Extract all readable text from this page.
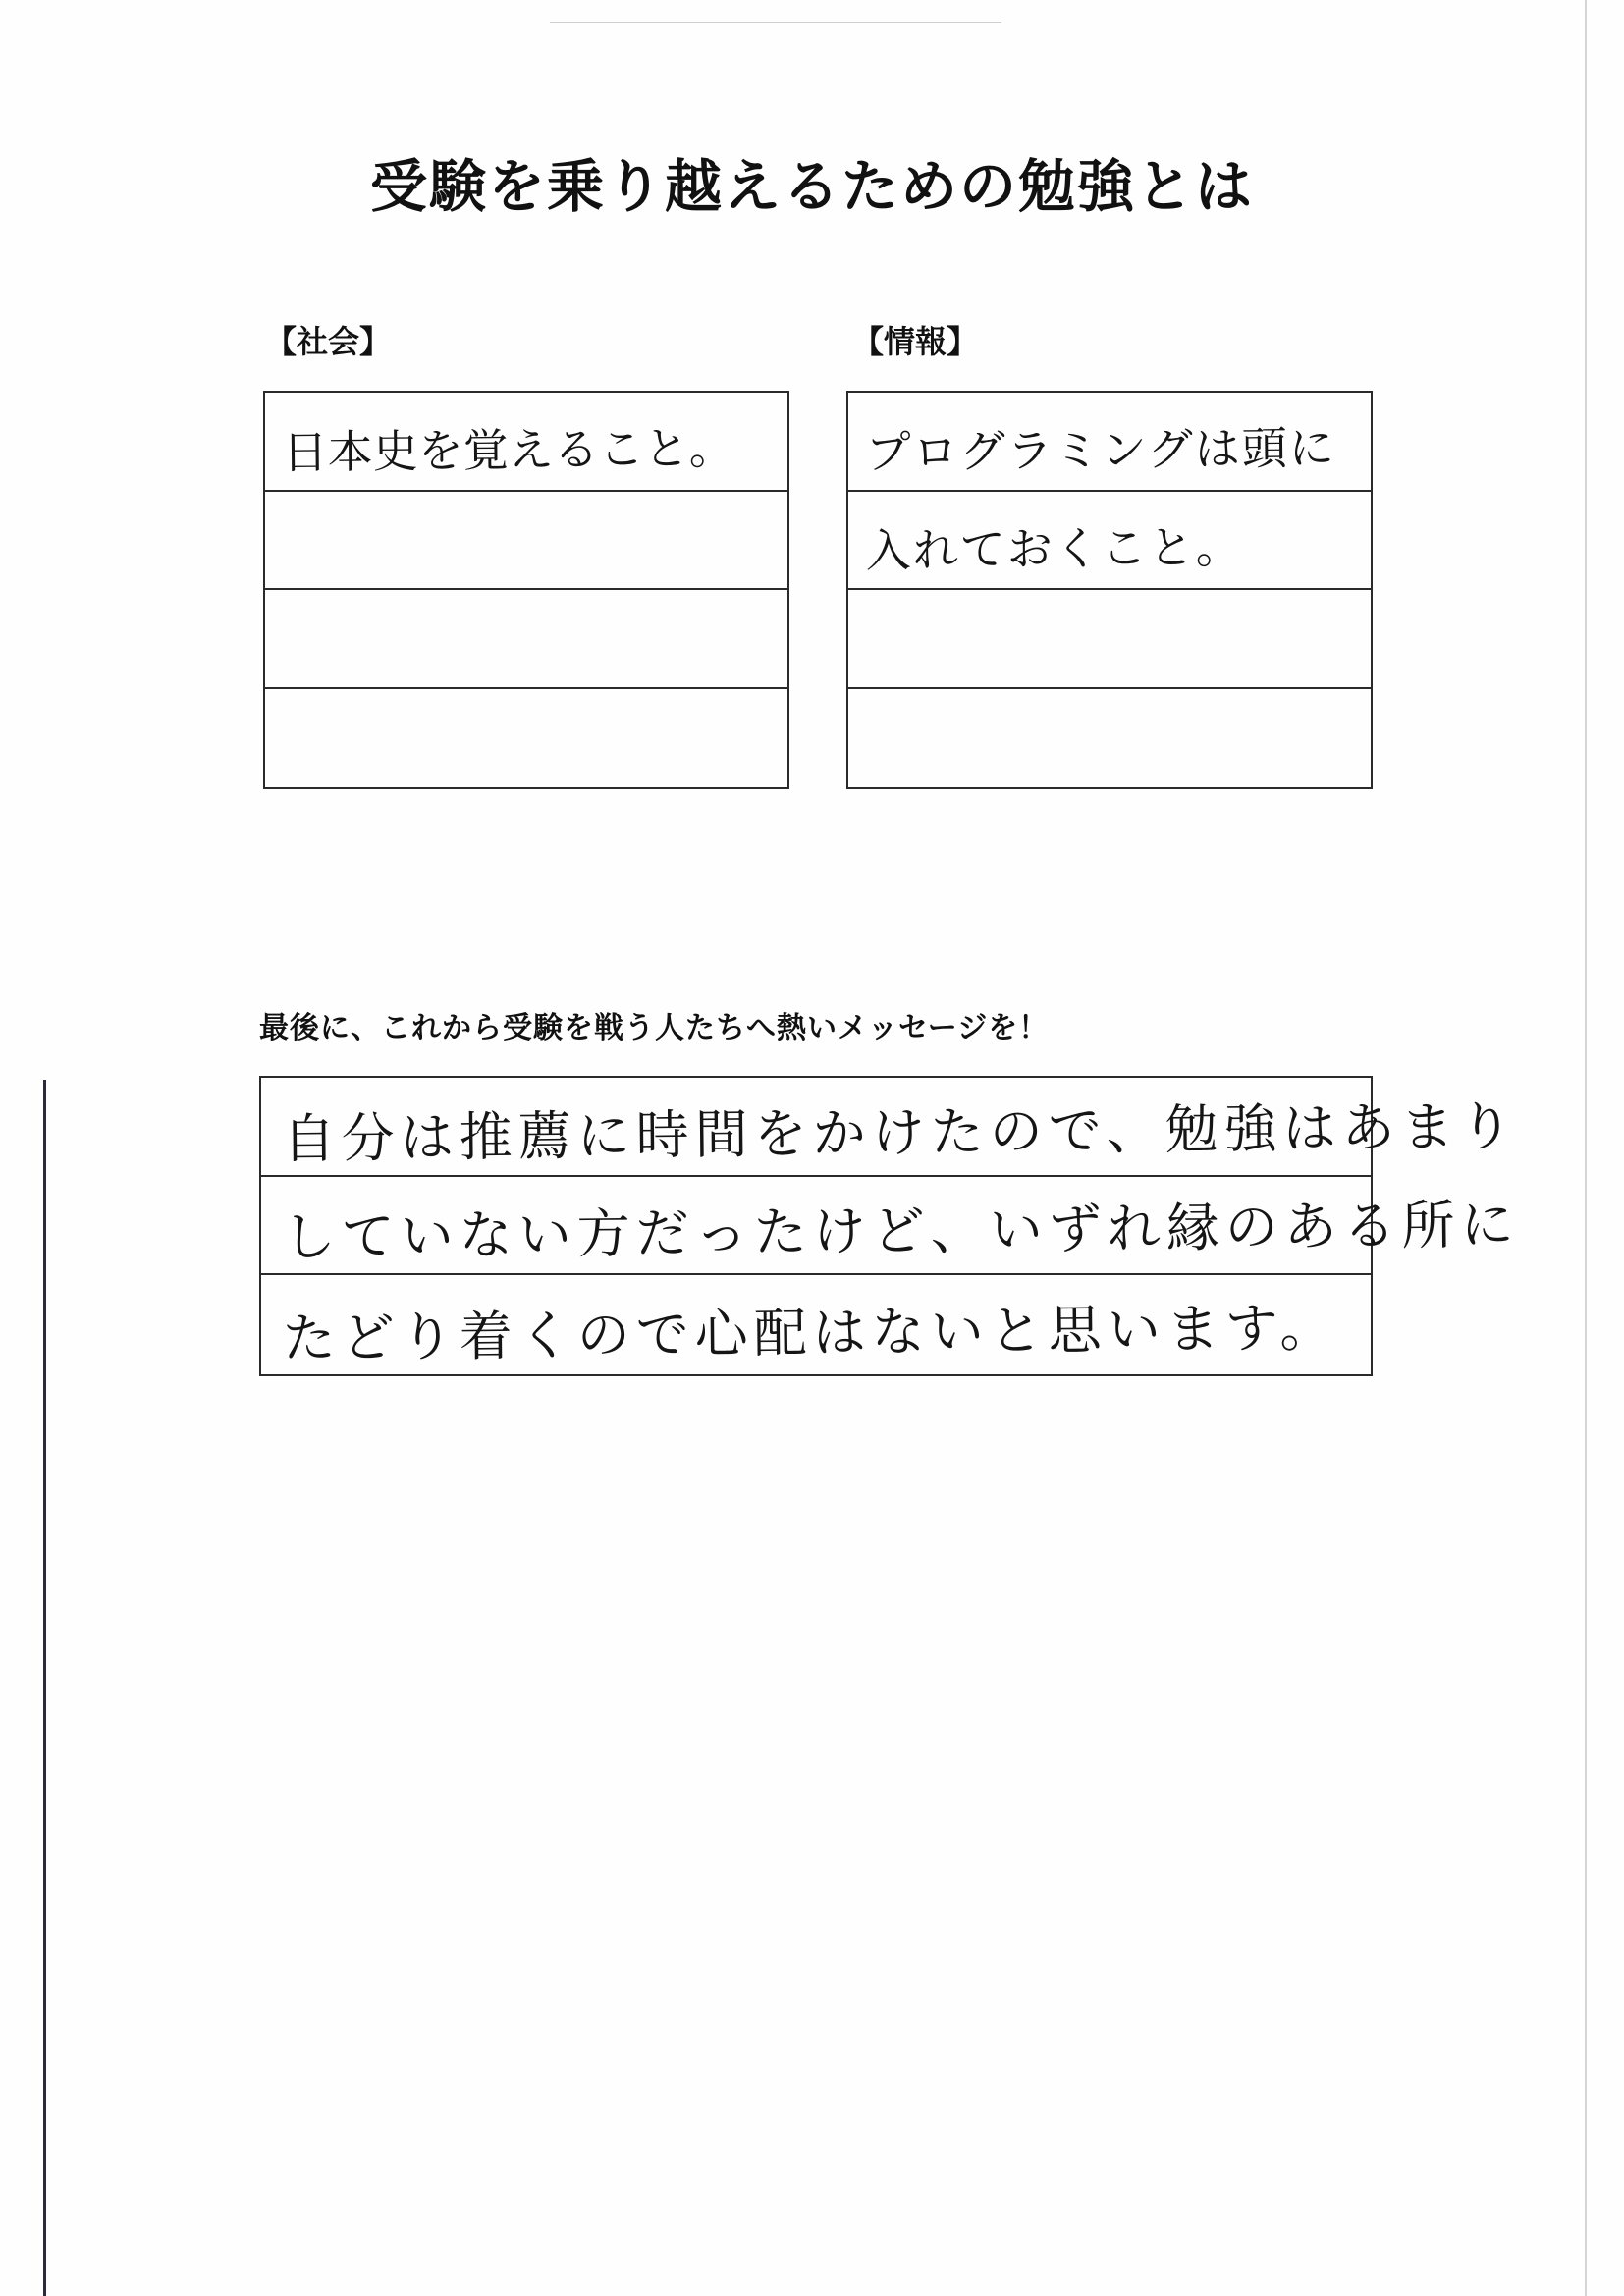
受験を乗り越えるための勉強とは
【社会】
日本史を覚えること。
【情報】
プログラミングは頭に
入れておくこと。
最後に、これから受験を戦う人たちへ熱いメッセージを！
自分は推薦に時間をかけたので、勉強はあまり
していない方だったけど、いずれ縁のある所に
たどり着くので心配はないと思います。
